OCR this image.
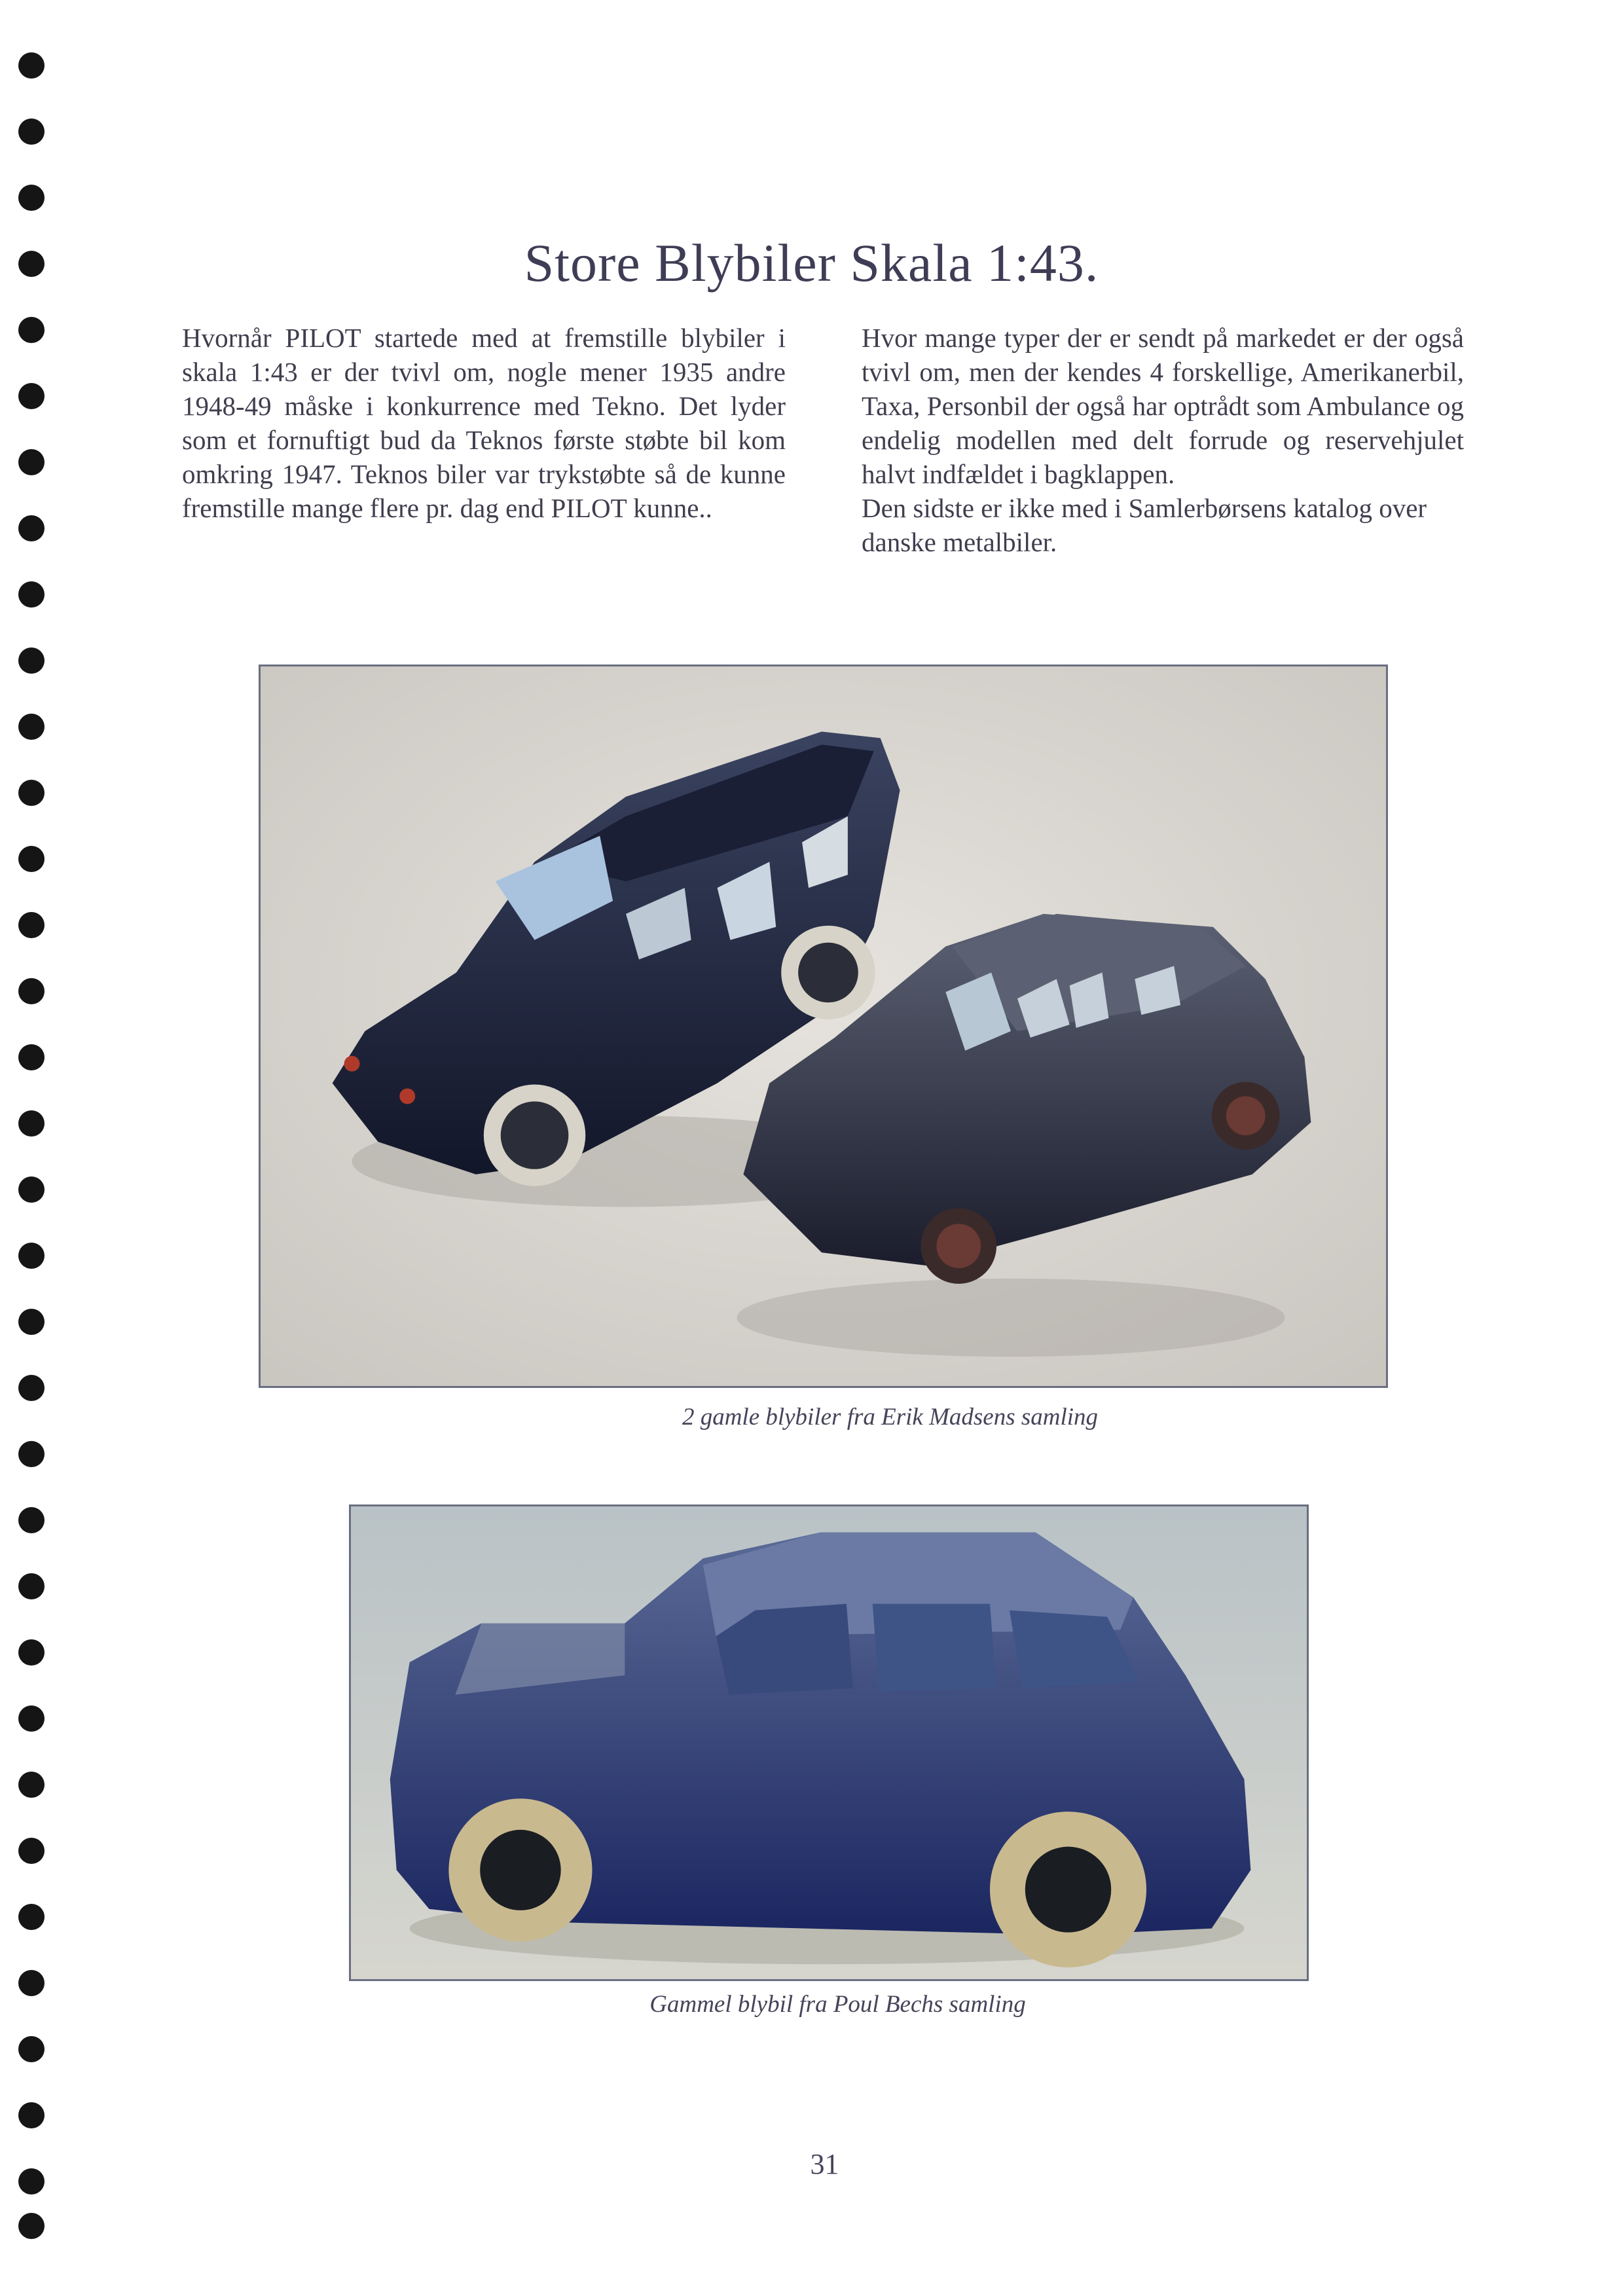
Store Blybiler Skala 1:43.

Hvornår PILOT startede med at fremstille blybiler i skala 1:43 er der tvivl om, nogle mener 1935 andre 1948-49 måske i konkurrence med Tekno. Det lyder som et fornuftigt bud da Teknos første støbte bil kom omkring 1947. Teknos biler var trykstøbte så de kunne fremstille mange flere pr. dag end PILOT kunne..

Hvor mange typer der er sendt på markedet er der også tvivl om, men der kendes 4 forskellige, Amerikanerbil, Taxa, Personbil der også har optrådt som Ambulance og endelig modellen med delt forrude og reservehjulet halvt indfældet i bagklappen.

Den sidste er ikke med i Samlerbørsens katalog over danske metalbiler.

2 gamle blybiler fra Erik Madsens samling
Gammel blybil fra Poul Bechs samling
31
